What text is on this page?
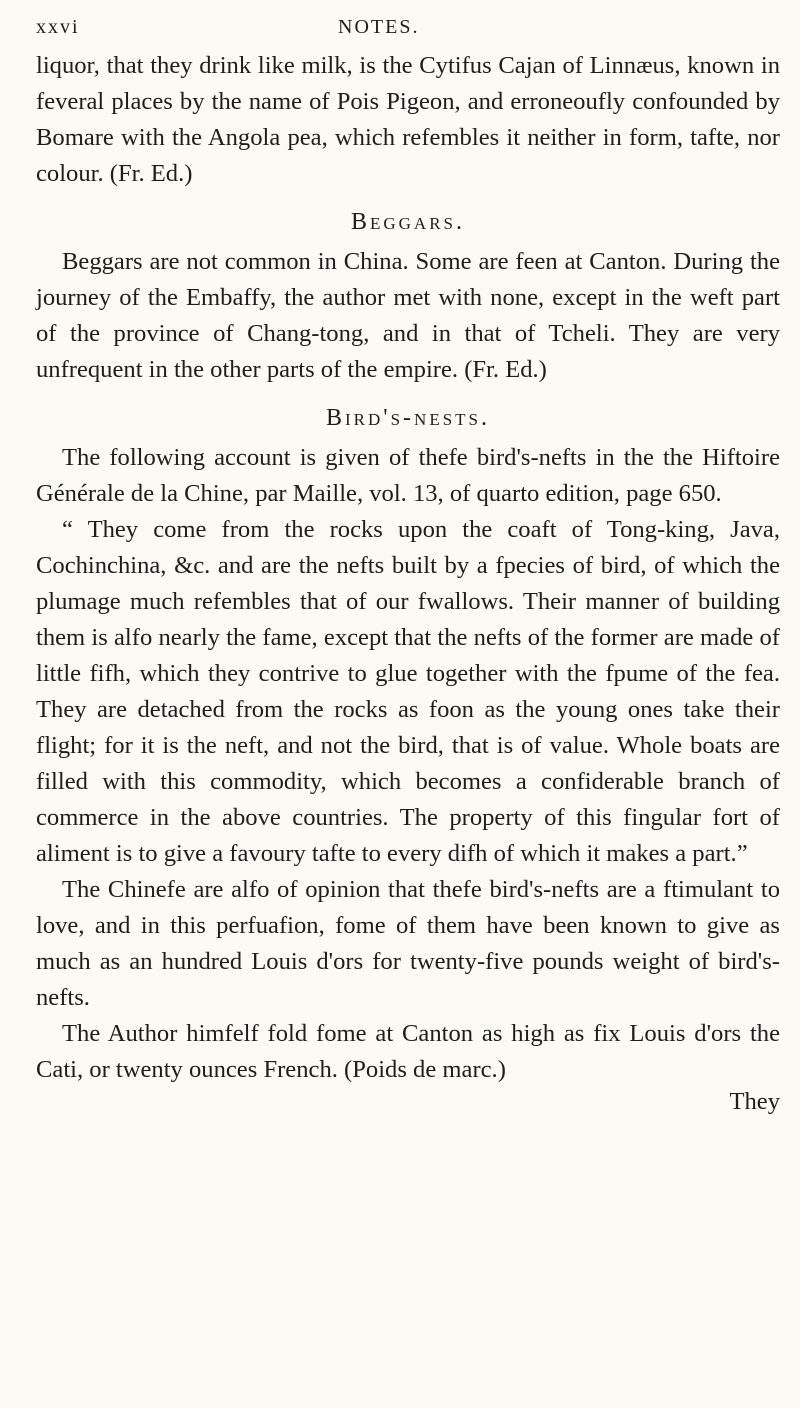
xxvi	NOTES.

liquor, that they drink like milk, is the Cytifus Cajan of Linnæus, known in feveral places by the name of Pois Pigeon, and erroneoufly confounded by Bomare with the Angola pea, which refembles it neither in form, tafte, nor colour. (Fr. Ed.)

Beggars.

Beggars are not common in China. Some are feen at Canton. During the journey of the Embaffy, the author met with none, except in the weft part of the province of Chang-tong, and in that of Tcheli. They are very unfrequent in the other parts of the empire. (Fr. Ed.)

Bird's-nests.

The following account is given of thefe bird's-nefts in the the Hiftoire Générale de la Chine, par Maille, vol. 13, of quarto edition, page 650.

“ They come from the rocks upon the coaft of Tong-king, Java, Cochinchina, &c. and are the nefts built by a fpecies of bird, of which the plumage much refembles that of our fwallows. Their manner of building them is alfo nearly the fame, except that the nefts of the former are made of little fifh, which they contrive to glue together with the fpume of the fea. They are detached from the rocks as foon as the young ones take their flight; for it is the neft, and not the bird, that is of value. Whole boats are filled with this commodity, which becomes a confiderable branch of commerce in the above countries. The property of this fingular fort of aliment is to give a favoury tafte to every difh of which it makes a part.”

The Chinefe are alfo of opinion that thefe bird's-nefts are a ftimulant to love, and in this perfuafion, fome of them have been known to give as much as an hundred Louis d'ors for twenty-five pounds weight of bird's-nefts.

The Author himfelf fold fome at Canton as high as fix Louis d'ors the Cati, or twenty ounces French. (Poids de marc.)

They
